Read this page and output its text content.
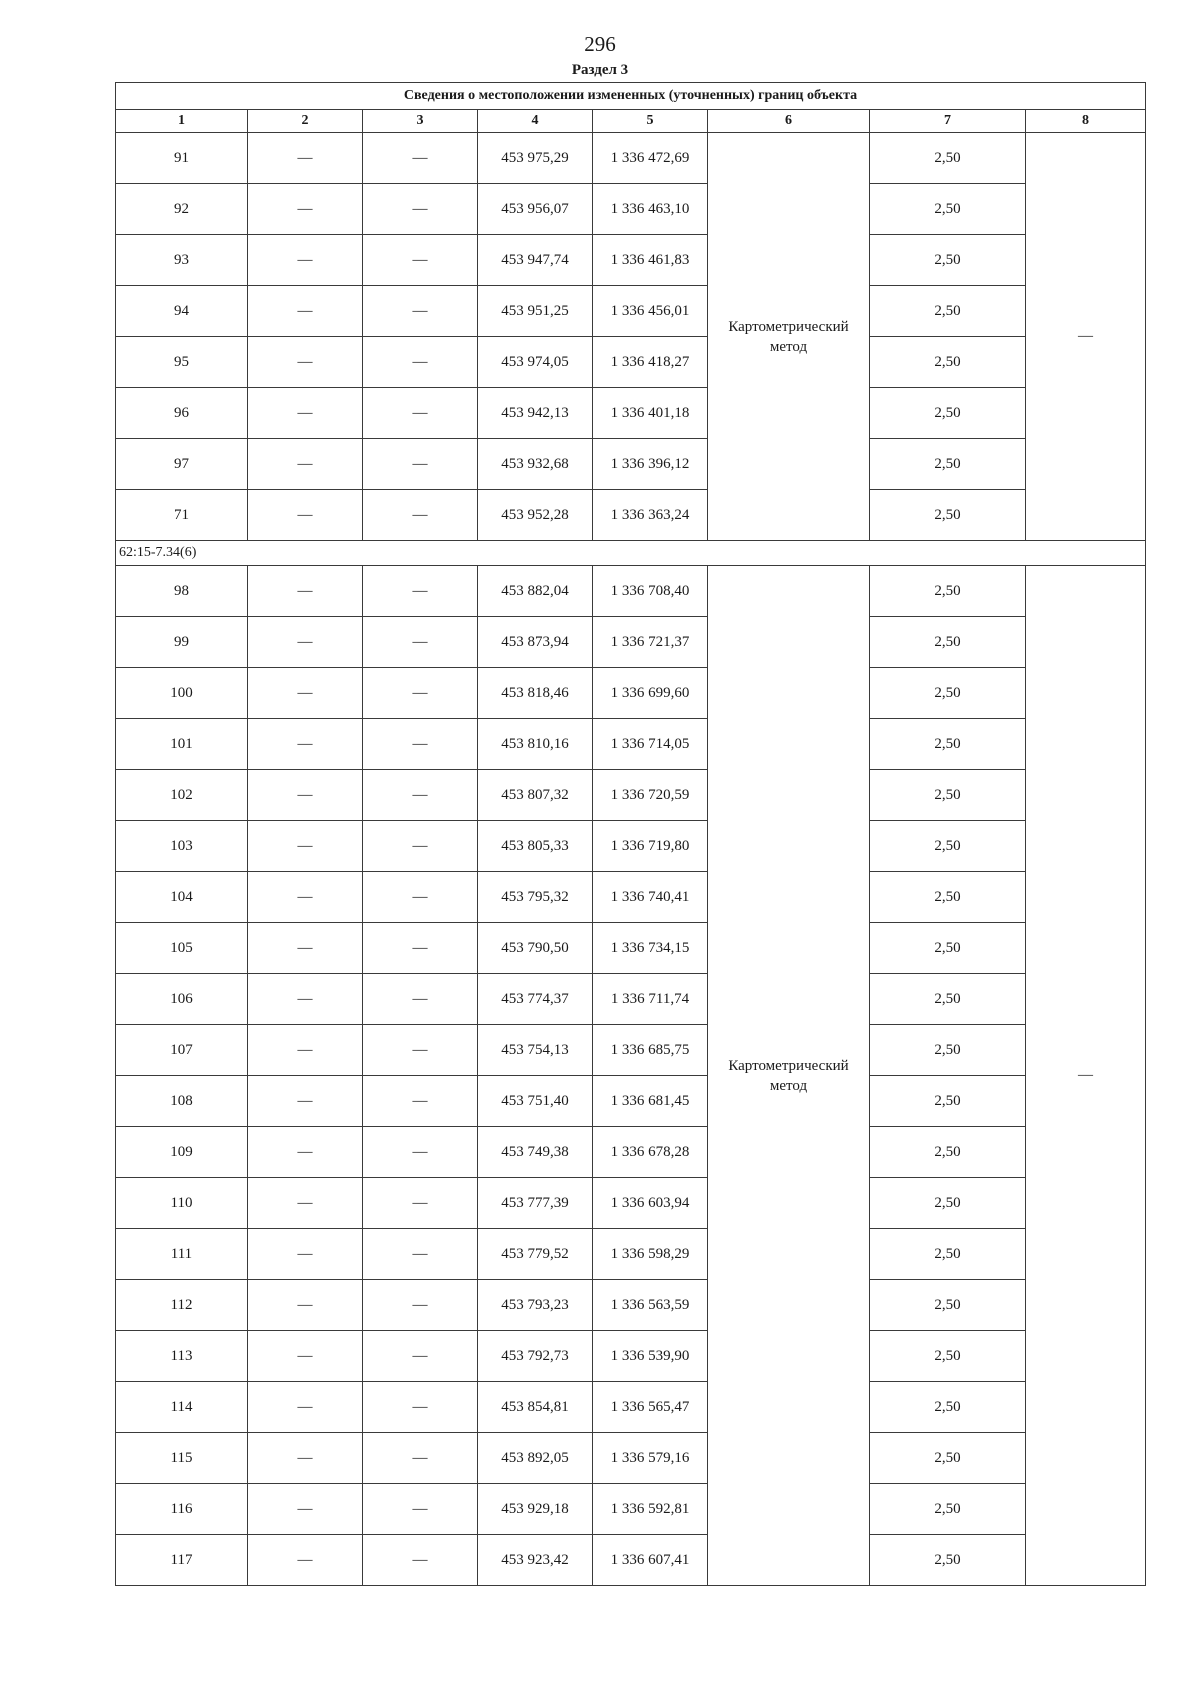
296
Раздел 3
Сведения о местоположении измененных (уточненных) границ объекта							
1	2	3	4	5	6	7	8
91	—	—	453 975,29	1 336 472,69	Картометрический метод	2,50	—
92	—	—	453 956,07	1 336 463,10		2,50	
93	—	—	453 947,74	1 336 461,83		2,50	
94	—	—	453 951,25	1 336 456,01		2,50	
95	—	—	453 974,05	1 336 418,27		2,50	
96	—	—	453 942,13	1 336 401,18		2,50	
97	—	—	453 932,68	1 336 396,12		2,50	
71	—	—	453 952,28	1 336 363,24		2,50	
62:15-7.34(6)							
98	—	—	453 882,04	1 336 708,40	Картометрический метод	2,50	—
99	—	—	453 873,94	1 336 721,37		2,50	
100	—	—	453 818,46	1 336 699,60		2,50	
101	—	—	453 810,16	1 336 714,05		2,50	
102	—	—	453 807,32	1 336 720,59		2,50	
103	—	—	453 805,33	1 336 719,80		2,50	
104	—	—	453 795,32	1 336 740,41		2,50	
105	—	—	453 790,50	1 336 734,15		2,50	
106	—	—	453 774,37	1 336 711,74		2,50	
107	—	—	453 754,13	1 336 685,75		2,50	
108	—	—	453 751,40	1 336 681,45		2,50	
109	—	—	453 749,38	1 336 678,28		2,50	
110	—	—	453 777,39	1 336 603,94		2,50	
111	—	—	453 779,52	1 336 598,29		2,50	
112	—	—	453 793,23	1 336 563,59		2,50	
113	—	—	453 792,73	1 336 539,90		2,50	
114	—	—	453 854,81	1 336 565,47		2,50	
115	—	—	453 892,05	1 336 579,16		2,50	
116	—	—	453 929,18	1 336 592,81		2,50	
117	—	—	453 923,42	1 336 607,41		2,50	
